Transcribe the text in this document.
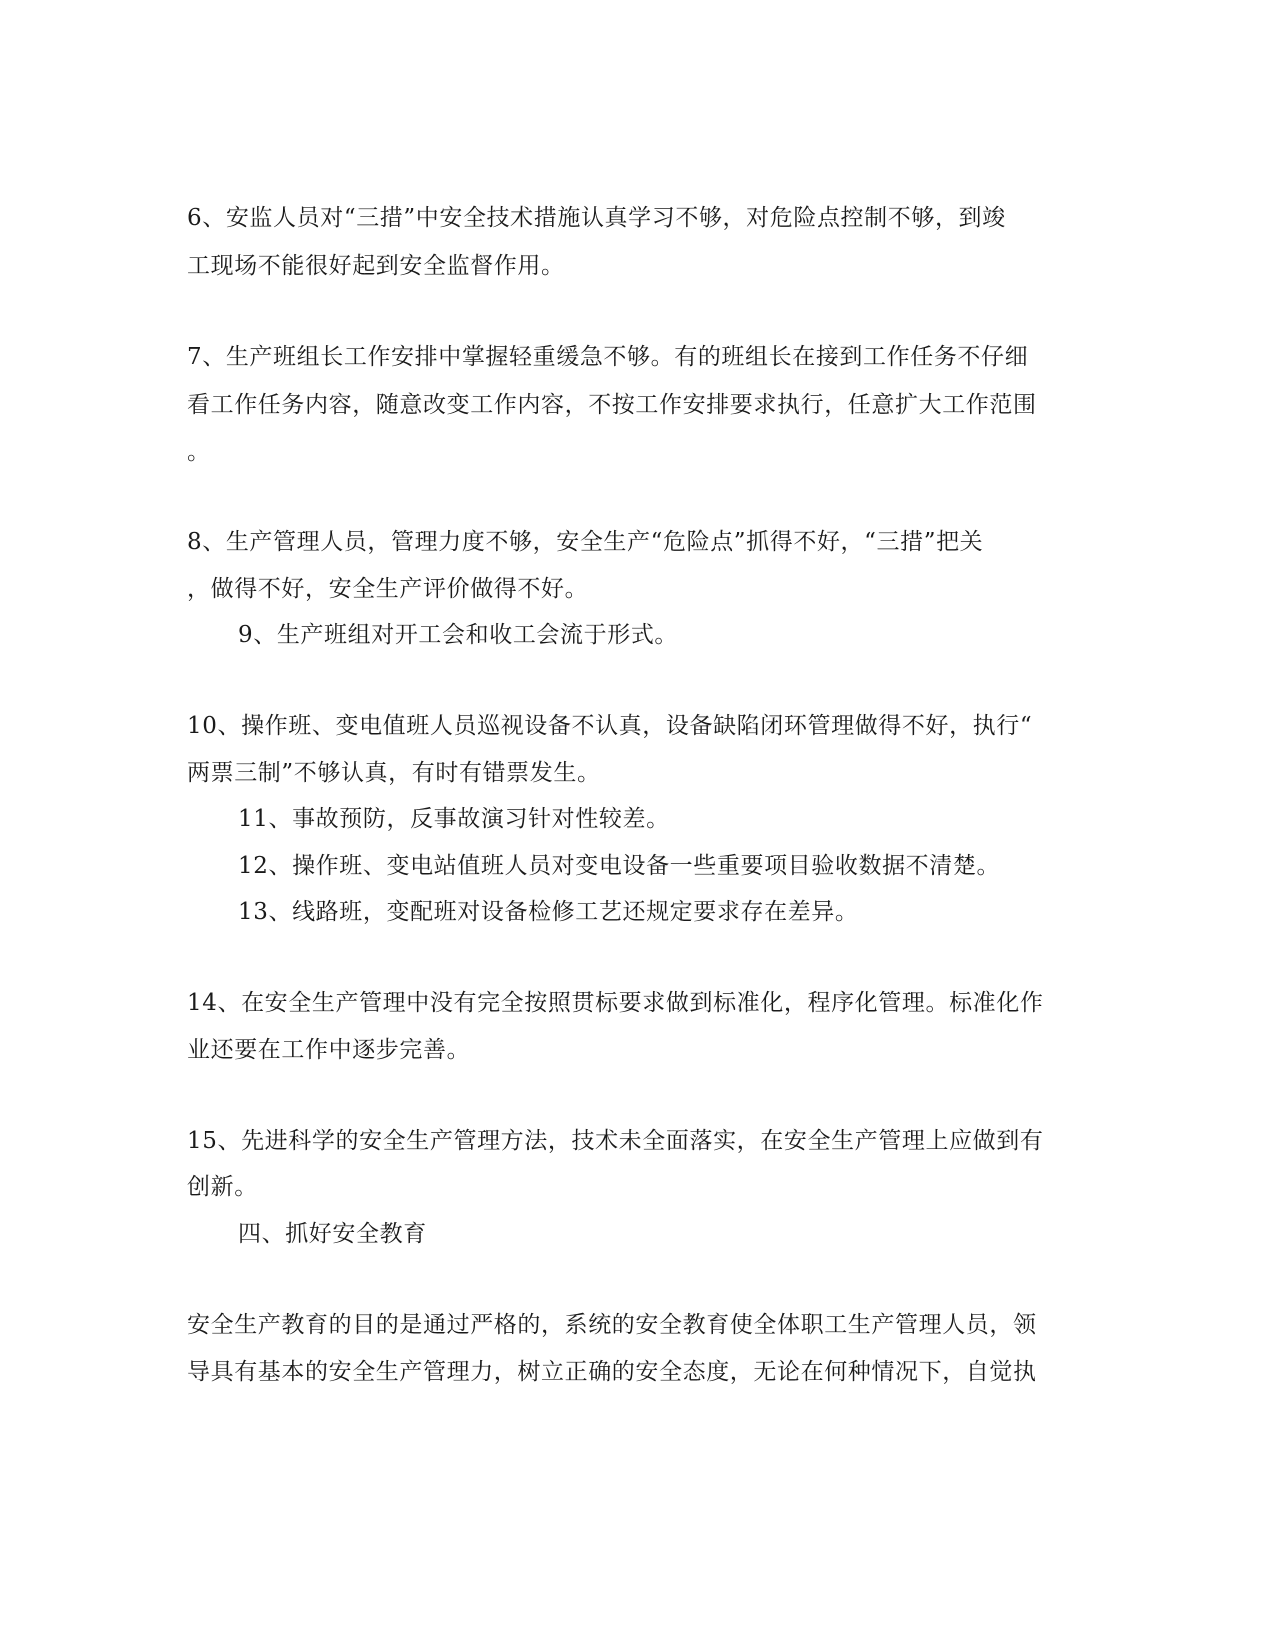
6、安监人员对“三措”中安全技术措施认真学习不够，对危险点控制不够，到竣

工现场不能很好起到安全监督作用。

7、生产班组长工作安排中掌握轻重缓急不够。有的班组长在接到工作任务不仔细

看工作任务内容，随意改变工作内容，不按工作安排要求执行，任意扩大工作范围

。

8、生产管理人员，管理力度不够，安全生产“危险点”抓得不好，“三措”把关

，做得不好，安全生产评价做得不好。

9、生产班组对开工会和收工会流于形式。

10、操作班、变电值班人员巡视设备不认真，设备缺陷闭环管理做得不好，执行“

两票三制”不够认真，有时有错票发生。

11、事故预防，反事故演习针对性较差。

12、操作班、变电站值班人员对变电设备一些重要项目验收数据不清楚。

13、线路班，变配班对设备检修工艺还规定要求存在差异。

14、在安全生产管理中没有完全按照贯标要求做到标准化，程序化管理。标准化作

业还要在工作中逐步完善。

15、先进科学的安全生产管理方法，技术未全面落实，在安全生产管理上应做到有

创新。

四、抓好安全教育

安全生产教育的目的是通过严格的，系统的安全教育使全体职工生产管理人员，领

导具有基本的安全生产管理力，树立正确的安全态度，无论在何种情况下，自觉执
